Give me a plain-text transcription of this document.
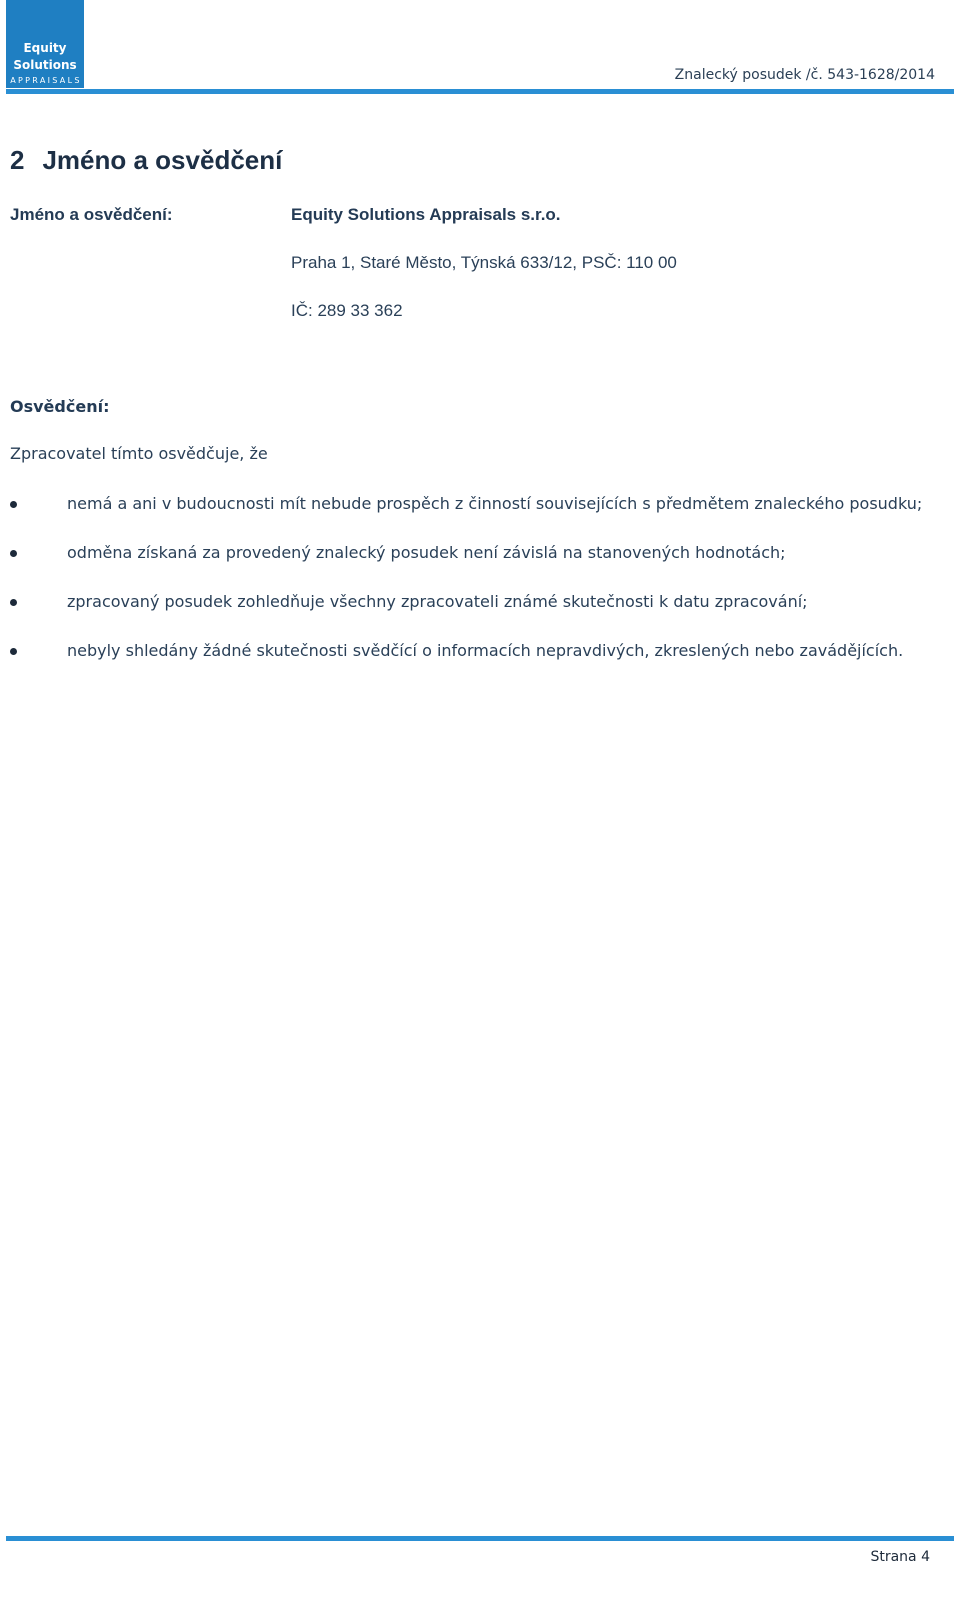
Equity
Solutions
APPRAISALS	Znalecký posudek /č. 543-1628/2014
2 Jméno a osvědčení
Jméno a osvědčení:	Equity Solutions Appraisals s.r.o.
Praha 1, Staré Město, Týnská 633/12, PSČ: 110 00
IČ: 289 33 362
Osvědčení:
Zpracovatel tímto osvědčuje, že
nemá a ani v budoucnosti mít nebude prospěch z činností souvisejících s předmětem znaleckého posudku;
odměna získaná za provedený znalecký posudek není závislá na stanovených hodnotách;
zpracovaný posudek zohledňuje všechny zpracovateli známé skutečnosti k datu zpracování;
nebyly shledány žádné skutečnosti svědčící o informacích nepravdivých, zkreslených nebo zavádějících.
Strana 4
